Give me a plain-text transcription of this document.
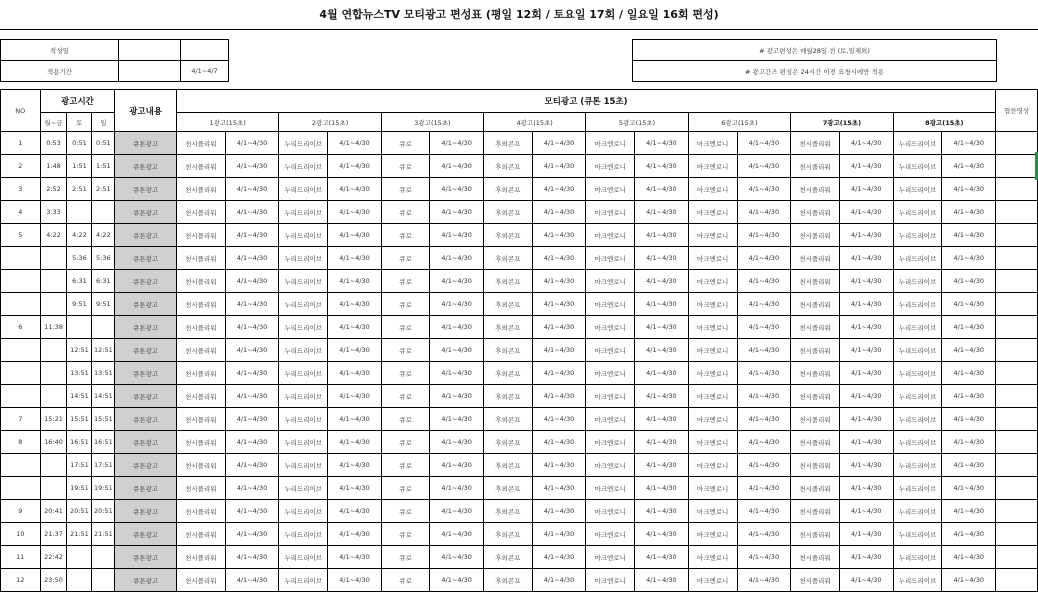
4월 연합뉴스TV 모티광고 편성표 (평일 12회 / 토요일 17회 / 일요일 16회 편성)
작성일		
적용기간		4/1~4/7
# 광고편성은 매월28일 전 (토,일제외)
# 광고간즈 편성은 24시간 이전 요청시에만 적용
NO	광고시간			광고내용	모티광고 (큐톤 15초)																협찬영상
	월~금	토	일		1광고(15초)		2광고(15초)		3광고(15초)		4광고(15초)		5광고(15초)		6광고(15초)		7광고(15초)		8광고(15초)		
1	0:53	0:51	0:51	큐톤광고	천시플리워	4/1~4/30	누리드리이브	4/1~4/30	큐로	4/1~4/30	후외콘프	4/1~4/30	마크엔로니	4/1~4/30	마크엔로니	4/1~4/30	천시플리워	4/1~4/30	누리드리이브	4/1~4/30	
2	1:48	1:51	1:51	큐톤광고	천시플리워	4/1~4/30	누리드리이브	4/1~4/30	큐로	4/1~4/30	후외콘프	4/1~4/30	마크엔로니	4/1~4/30	마크엔로니	4/1~4/30	천시플리워	4/1~4/30	누리드리이브	4/1~4/30	
3	2:52	2:51	2:51	큐톤광고	천시플리워	4/1~4/30	누리드리이브	4/1~4/30	큐로	4/1~4/30	후외콘프	4/1~4/30	마크엔로니	4/1~4/30	마크엔로니	4/1~4/30	천시플리워	4/1~4/30	누리드리이브	4/1~4/30	
4	3:33			큐톤광고	천시플리워	4/1~4/30	누리드리이브	4/1~4/30	큐로	4/1~4/30	후외콘프	4/1~4/30	마크엔로니	4/1~4/30	마크엔로니	4/1~4/30	천시플리워	4/1~4/30	누리드리이브	4/1~4/30	
5	4:22	4:22	4:22	큐톤광고	천시플리워	4/1~4/30	누리드리이브	4/1~4/30	큐로	4/1~4/30	후외콘프	4/1~4/30	마크엔로니	4/1~4/30	마크엔로니	4/1~4/30	천시플리워	4/1~4/30	누리드리이브	4/1~4/30	
		5:36	5:36	큐톤광고	천시플리워	4/1~4/30	누리드리이브	4/1~4/30	큐로	4/1~4/30	후외콘프	4/1~4/30	마크엔로니	4/1~4/30	마크엔로니	4/1~4/30	천시플리워	4/1~4/30	누리드리이브	4/1~4/30	
		6:31	6:31	큐톤광고	천시플리워	4/1~4/30	누리드리이브	4/1~4/30	큐로	4/1~4/30	후외콘프	4/1~4/30	마크엔로니	4/1~4/30	마크엔로니	4/1~4/30	천시플리워	4/1~4/30	누리드리이브	4/1~4/30	
		9:51	9:51	큐톤광고	천시플리워	4/1~4/30	누리드리이브	4/1~4/30	큐로	4/1~4/30	후외콘프	4/1~4/30	마크엔로니	4/1~4/30	마크엔로니	4/1~4/30	천시플리워	4/1~4/30	누리드리이브	4/1~4/30	
6	11:38			큐톤광고	천시플리워	4/1~4/30	누리드리이브	4/1~4/30	큐로	4/1~4/30	후외콘프	4/1~4/30	마크엔로니	4/1~4/30	마크엔로니	4/1~4/30	천시플리워	4/1~4/30	누리드리이브	4/1~4/30	
		12:51	12:51	큐톤광고	천시플리워	4/1~4/30	누리드리이브	4/1~4/30	큐로	4/1~4/30	후외콘프	4/1~4/30	마크엔로니	4/1~4/30	마크엔로니	4/1~4/30	천시플리워	4/1~4/30	누리드리이브	4/1~4/30	
		13:51	13:51	큐톤광고	천시플리워	4/1~4/30	누리드리이브	4/1~4/30	큐로	4/1~4/30	후외콘프	4/1~4/30	마크엔로니	4/1~4/30	마크엔로니	4/1~4/30	천시플리워	4/1~4/30	누리드리이브	4/1~4/30	
		14:51	14:51	큐톤광고	천시플리워	4/1~4/30	누리드리이브	4/1~4/30	큐로	4/1~4/30	후외콘프	4/1~4/30	마크엔로니	4/1~4/30	마크엔로니	4/1~4/30	천시플리워	4/1~4/30	누리드리이브	4/1~4/30	
7	15:21	15:51	15:51	큐톤광고	천시플리워	4/1~4/30	누리드리이브	4/1~4/30	큐로	4/1~4/30	후외콘프	4/1~4/30	마크엔로니	4/1~4/30	마크엔로니	4/1~4/30	천시플리워	4/1~4/30	누리드리이브	4/1~4/30	
8	16:40	16:51	16:51	큐톤광고	천시플리워	4/1~4/30	누리드리이브	4/1~4/30	큐로	4/1~4/30	후외콘프	4/1~4/30	마크엔로니	4/1~4/30	마크엔로니	4/1~4/30	천시플리워	4/1~4/30	누리드리이브	4/1~4/30	
		17:51	17:51	큐톤광고	천시플리워	4/1~4/30	누리드리이브	4/1~4/30	큐로	4/1~4/30	후외콘프	4/1~4/30	마크엔로니	4/1~4/30	마크엔로니	4/1~4/30	천시플리워	4/1~4/30	누리드리이브	4/1~4/30	
		19:51	19:51	큐톤광고	천시플리워	4/1~4/30	누리드리이브	4/1~4/30	큐로	4/1~4/30	후외콘프	4/1~4/30	마크엔로니	4/1~4/30	마크엔로니	4/1~4/30	천시플리워	4/1~4/30	누리드리이브	4/1~4/30	
9	20:41	20:51	20:51	큐톤광고	천시플리워	4/1~4/30	누리드리이브	4/1~4/30	큐로	4/1~4/30	후외콘프	4/1~4/30	마크엔로니	4/1~4/30	마크엔로니	4/1~4/30	천시플리워	4/1~4/30	누리드리이브	4/1~4/30	
10	21:37	21:51	21:51	큐톤광고	천시플리워	4/1~4/30	누리드리이브	4/1~4/30	큐로	4/1~4/30	후외콘프	4/1~4/30	마크엔로니	4/1~4/30	마크엔로니	4/1~4/30	천시플리워	4/1~4/30	누리드리이브	4/1~4/30	
11	22:42			큐톤광고	천시플리워	4/1~4/30	누리드리이브	4/1~4/30	큐로	4/1~4/30	후외콘프	4/1~4/30	마크엔로니	4/1~4/30	마크엔로니	4/1~4/30	천시플리워	4/1~4/30	누리드리이브	4/1~4/30	
12	23:50			큐톤광고	천시플리워	4/1~4/30	누리드리이브	4/1~4/30	큐로	4/1~4/30	후외콘프	4/1~4/30	마크엔로니	4/1~4/30	마크엔로니	4/1~4/30	천시플리워	4/1~4/30	누리드리이브	4/1~4/30	
